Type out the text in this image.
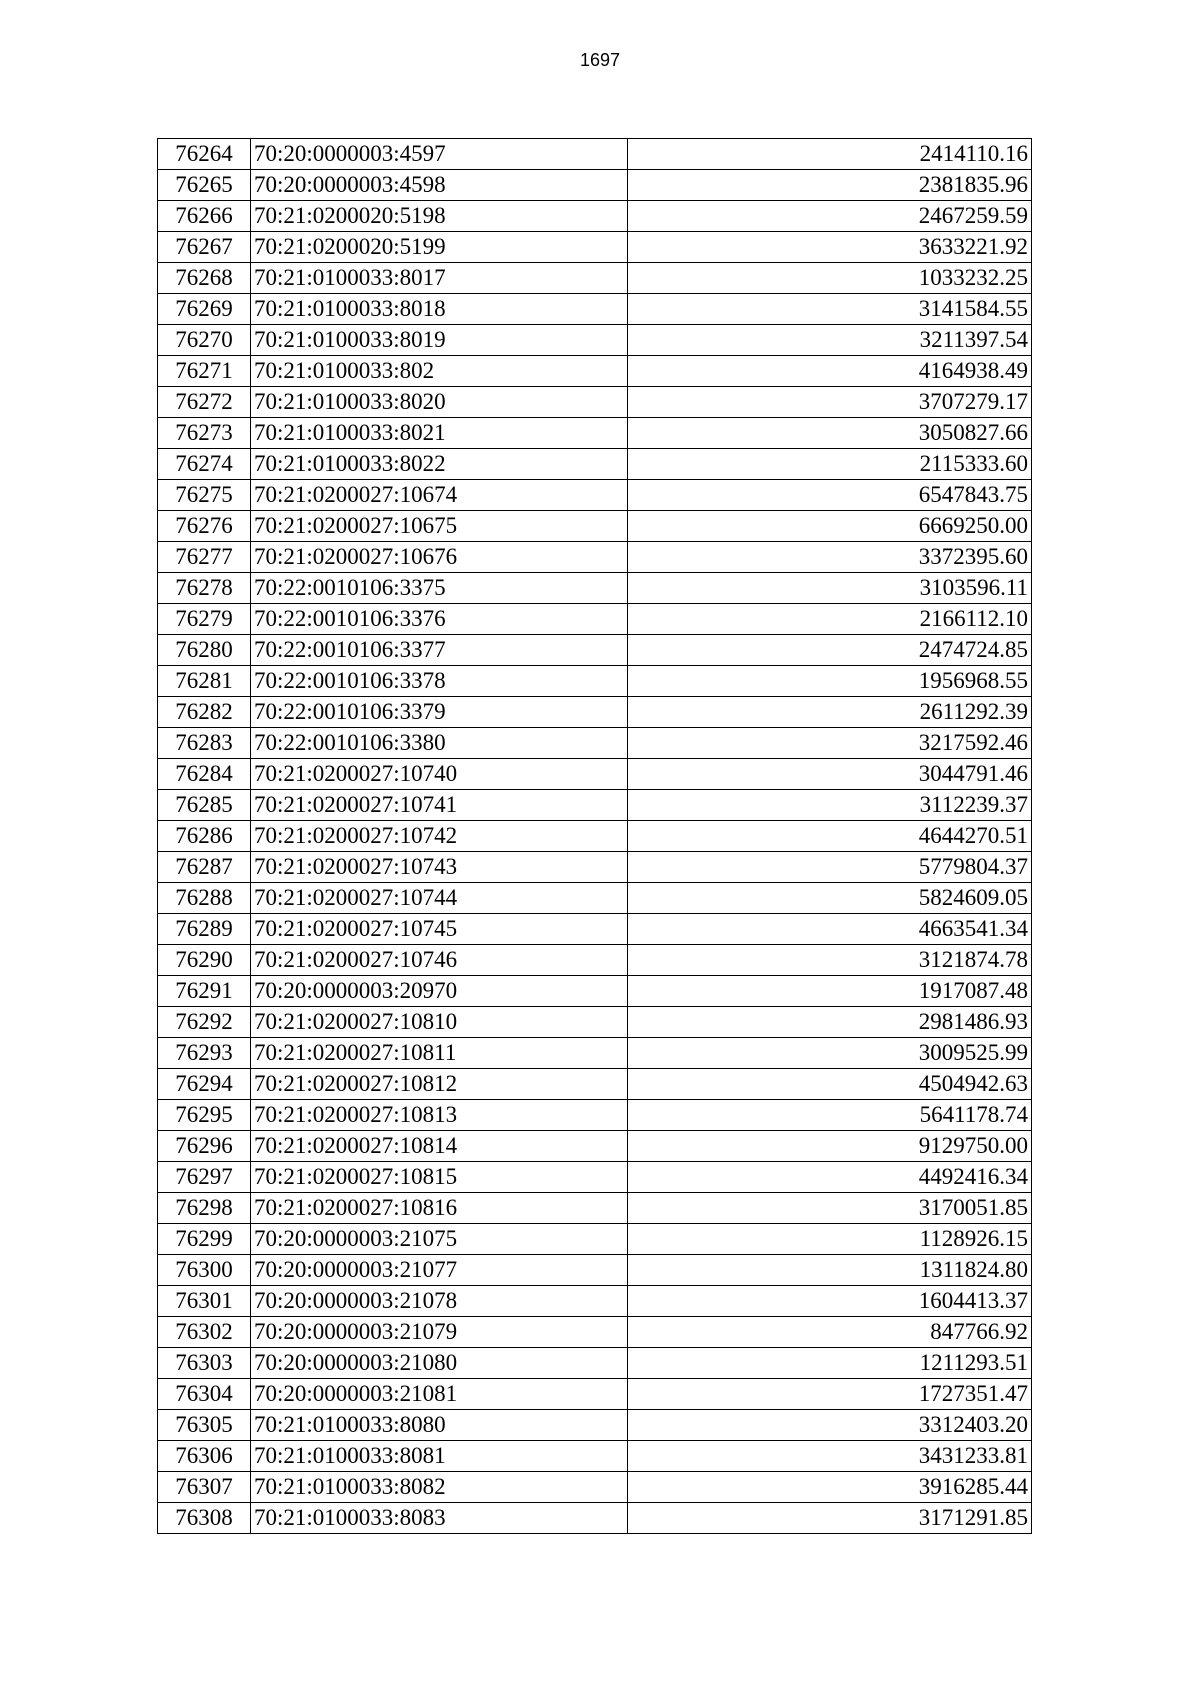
1697
76264	70:20:0000003:4597	2414110.16
76265	70:20:0000003:4598	2381835.96
76266	70:21:0200020:5198	2467259.59
76267	70:21:0200020:5199	3633221.92
76268	70:21:0100033:8017	1033232.25
76269	70:21:0100033:8018	3141584.55
76270	70:21:0100033:8019	3211397.54
76271	70:21:0100033:802	4164938.49
76272	70:21:0100033:8020	3707279.17
76273	70:21:0100033:8021	3050827.66
76274	70:21:0100033:8022	2115333.60
76275	70:21:0200027:10674	6547843.75
76276	70:21:0200027:10675	6669250.00
76277	70:21:0200027:10676	3372395.60
76278	70:22:0010106:3375	3103596.11
76279	70:22:0010106:3376	2166112.10
76280	70:22:0010106:3377	2474724.85
76281	70:22:0010106:3378	1956968.55
76282	70:22:0010106:3379	2611292.39
76283	70:22:0010106:3380	3217592.46
76284	70:21:0200027:10740	3044791.46
76285	70:21:0200027:10741	3112239.37
76286	70:21:0200027:10742	4644270.51
76287	70:21:0200027:10743	5779804.37
76288	70:21:0200027:10744	5824609.05
76289	70:21:0200027:10745	4663541.34
76290	70:21:0200027:10746	3121874.78
76291	70:20:0000003:20970	1917087.48
76292	70:21:0200027:10810	2981486.93
76293	70:21:0200027:10811	3009525.99
76294	70:21:0200027:10812	4504942.63
76295	70:21:0200027:10813	5641178.74
76296	70:21:0200027:10814	9129750.00
76297	70:21:0200027:10815	4492416.34
76298	70:21:0200027:10816	3170051.85
76299	70:20:0000003:21075	1128926.15
76300	70:20:0000003:21077	1311824.80
76301	70:20:0000003:21078	1604413.37
76302	70:20:0000003:21079	847766.92
76303	70:20:0000003:21080	1211293.51
76304	70:20:0000003:21081	1727351.47
76305	70:21:0100033:8080	3312403.20
76306	70:21:0100033:8081	3431233.81
76307	70:21:0100033:8082	3916285.44
76308	70:21:0100033:8083	3171291.85
